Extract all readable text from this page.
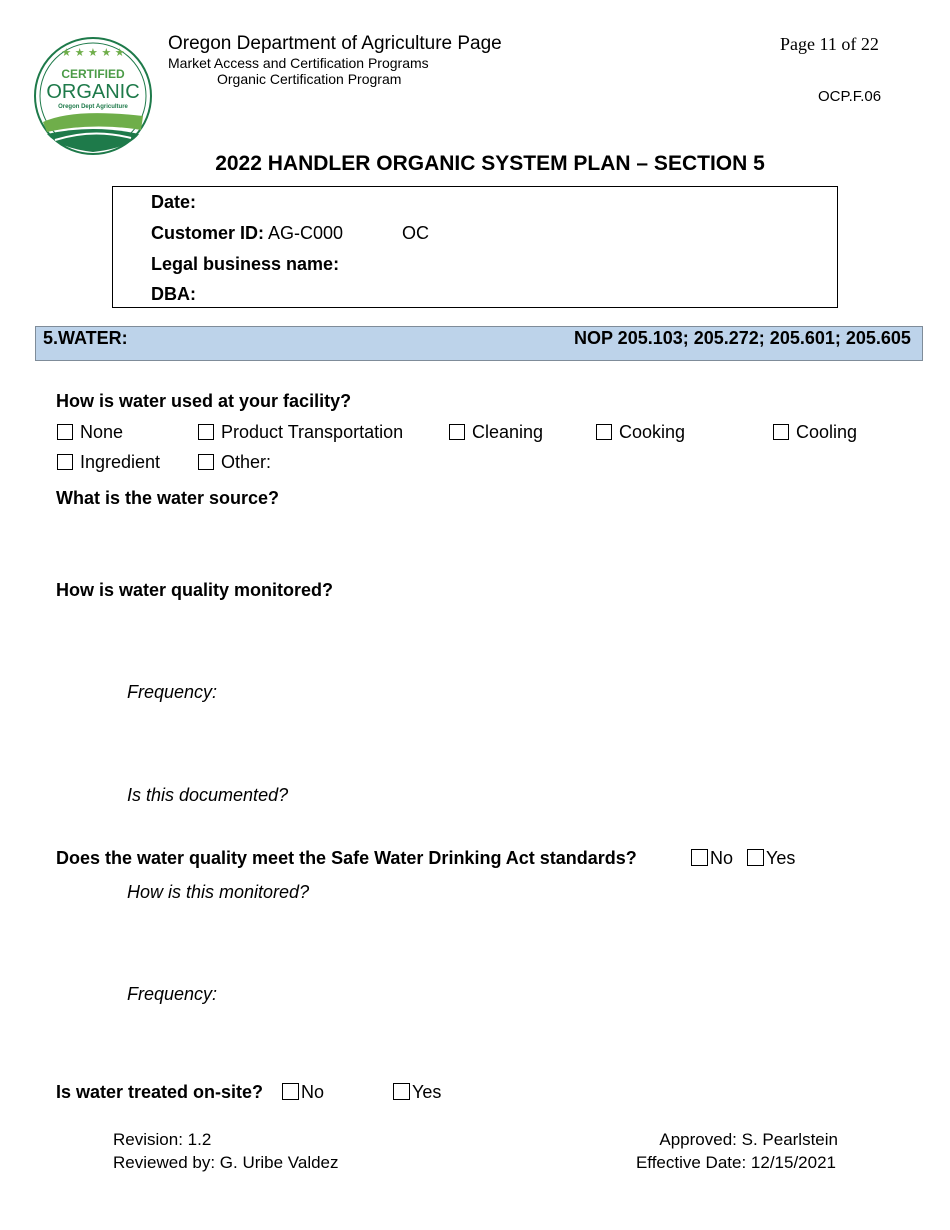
★ ★ ★ ★ ★
CERTIFIED
ORGANIC
Oregon Dept Agriculture
Oregon Department of Agriculture Page
Market Access and Certification Programs
Organic Certification Program
Page 11 of 22
OCP.F.06
2022 HANDLER ORGANIC SYSTEM PLAN – SECTION 5
Date:
Customer ID: AG-C000	OC
Legal business name:
DBA:
5.WATER:	NOP 205.103; 205.272; 205.601; 205.605
How is water used at your facility?
None	Product Transportation	Cleaning	Cooking	Cooling
Ingredient	Other:
What is the water source?
How is water quality monitored?
Frequency:
Is this documented?
Does the water quality meet the Safe Water Drinking Act standards?	No	Yes
How is this monitored?
Frequency:
Is water treated on-site?	No	Yes
Revision: 1.2
Reviewed by: G. Uribe Valdez
Approved: S. Pearlstein
Effective Date: 12/15/2021
